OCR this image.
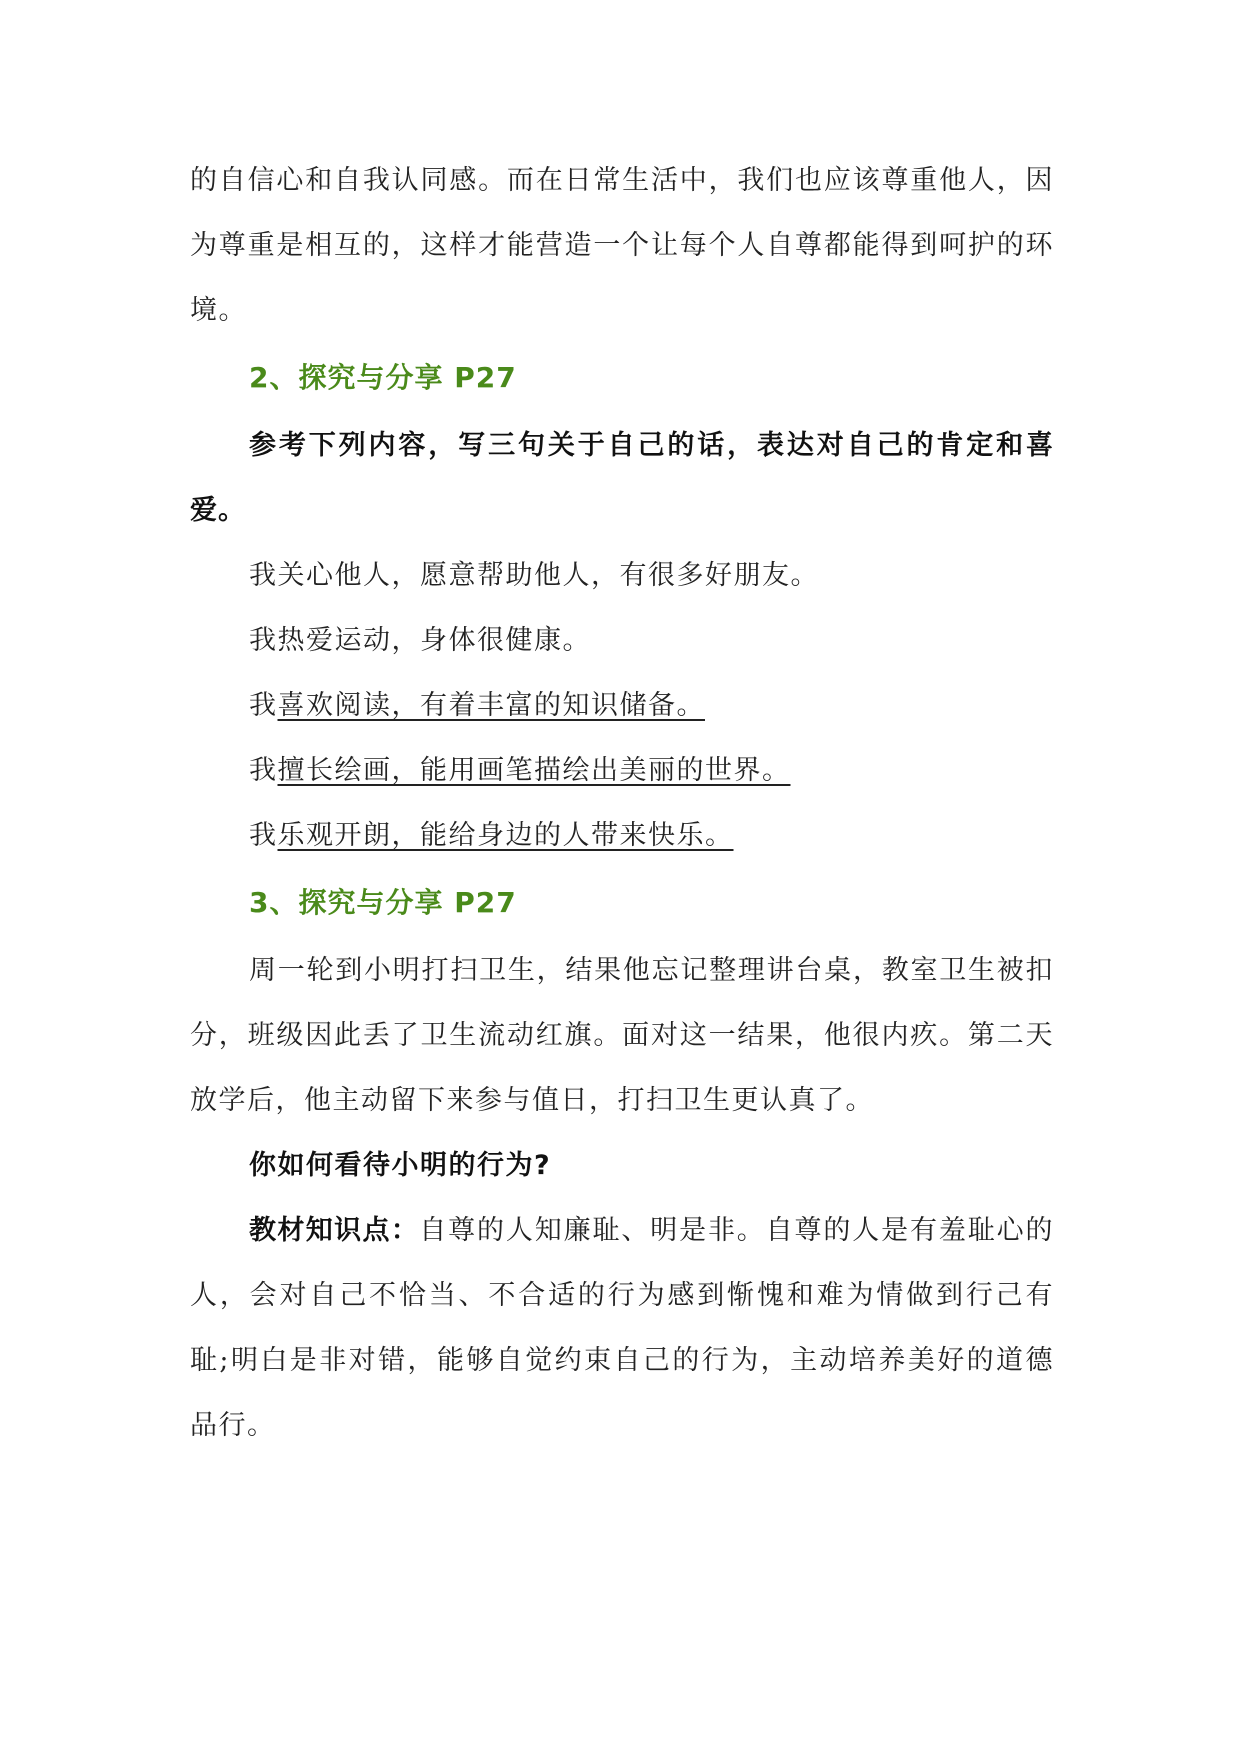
的自信心和自我认同感。而在日常生活中，我们也应该尊重他人，因为尊重是相互的，这样才能营造一个让每个人自尊都能得到呵护的环境。

2、探究与分享 P27

参考下列内容，写三句关于自己的话，表达对自己的肯定和喜爱。

我关心他人，愿意帮助他人，有很多好朋友。

我热爱运动，身体很健康。

我喜欢阅读，有着丰富的知识储备。

我擅长绘画，能用画笔描绘出美丽的世界。

我乐观开朗，能给身边的人带来快乐。

3、探究与分享 P27

周一轮到小明打扫卫生，结果他忘记整理讲台桌，教室卫生被扣分，班级因此丢了卫生流动红旗。面对这一结果，他很内疚。第二天放学后，他主动留下来参与值日，打扫卫生更认真了。

你如何看待小明的行为?

教材知识点：自尊的人知廉耻、明是非。自尊的人是有羞耻心的人，会对自己不恰当、不合适的行为感到惭愧和难为情做到行己有耻;明白是非对错，能够自觉约束自己的行为，主动培养美好的道德品行。
